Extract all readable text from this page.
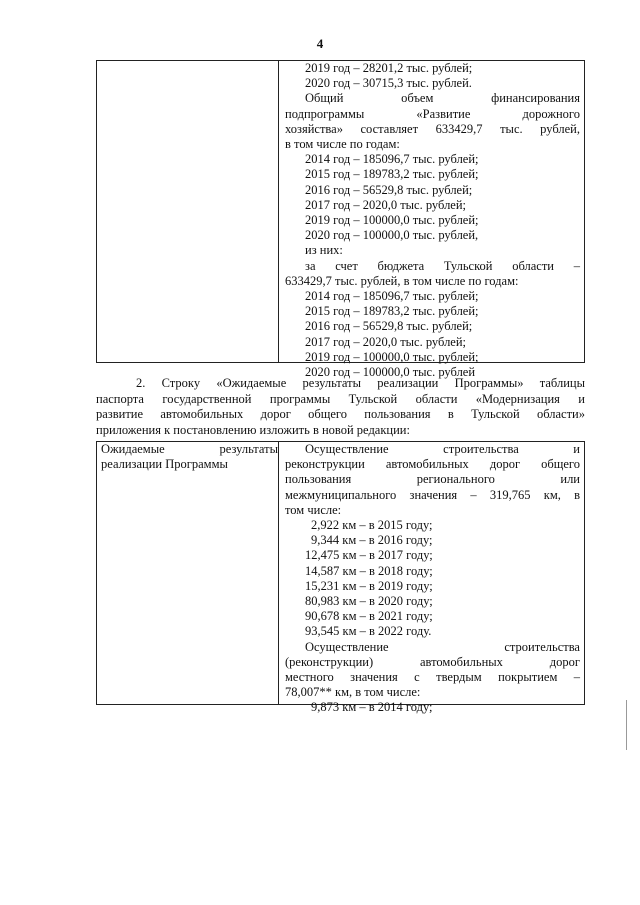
4
2019 год – 28201,2 тыс. рублей;
2020 год – 30715,3 тыс. рублей.
Общий объем финансирования
подпрограммы «Развитие дорожного
хозяйства» составляет 633429,7 тыс. рублей,
в том числе по годам:
2014 год – 185096,7 тыс. рублей;
2015 год – 189783,2 тыс. рублей;
2016 год – 56529,8 тыс. рублей;
2017 год – 2020,0 тыс. рублей;
2019 год – 100000,0 тыс. рублей;
2020 год – 100000,0 тыс. рублей,
из них:
за счет бюджета Тульской области –
633429,7 тыс. рублей, в том числе по годам:
2014 год – 185096,7 тыс. рублей;
2015 год – 189783,2 тыс. рублей;
2016 год – 56529,8 тыс. рублей;
2017 год – 2020,0 тыс. рублей;
2019 год – 100000,0 тыс. рублей;
2020 год – 100000,0 тыс. рублей
2. Строку «Ожидаемые результаты реализации Программы» таблицы
паспорта государственной программы Тульской области «Модернизация и
развитие автомобильных дорог общего пользования в Тульской области»
приложения к постановлению изложить в новой редакции:
Ожидаемые результаты
реализации Программы
Осуществление строительства и
реконструкции автомобильных дорог общего
пользования регионального или
межмуниципального значения – 319,765 км, в
том числе:
2,922 км – в 2015 году;
9,344 км – в 2016 году;
12,475 км – в 2017 году;
14,587 км – в 2018 году;
15,231 км – в 2019 году;
80,983 км – в 2020 году;
90,678 км – в 2021 году;
93,545 км – в 2022 году.
Осуществление строительства
(реконструкции) автомобильных дорог
местного значения с твердым покрытием –
78,007** км, в том числе:
9,873 км – в 2014 году;
